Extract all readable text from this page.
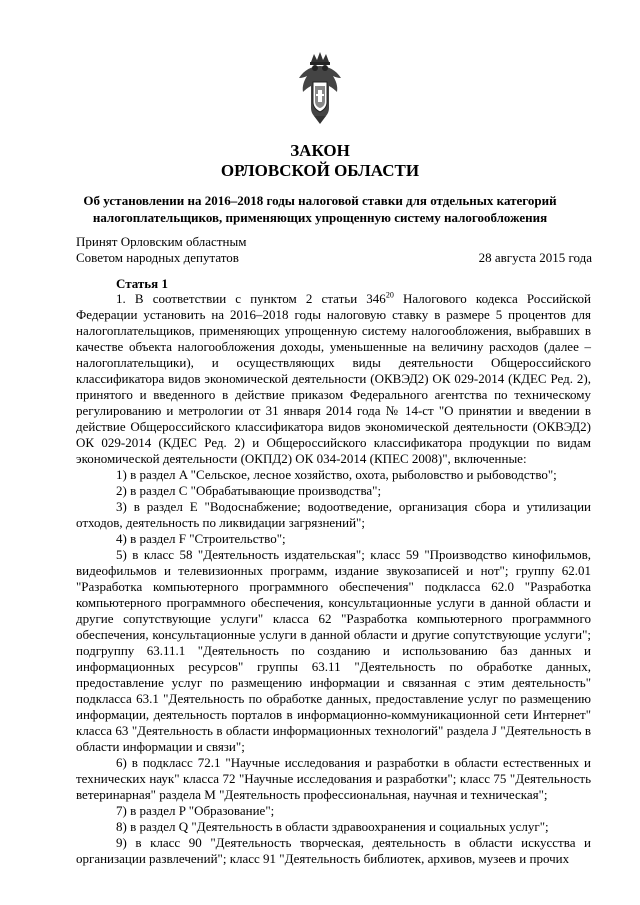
ЗАКОН
ОРЛОВСКОЙ ОБЛАСТИ
Об установлении на 2016–2018 годы налоговой ставки для отдельных категорий
налогоплательщиков, применяющих упрощенную систему налогообложения
Принят Орловским областным
Советом народных депутатов	28 августа 2015 года
Статья 1

1. В соответствии с пунктом 2 статьи $346^{20}$ Налогового кодекса Российской Федерации установить на 2016–2018 годы налоговую ставку в размере 5 процентов для налогоплательщиков, применяющих упрощенную систему налогообложения, выбравших в качестве объекта налогообложения доходы, уменьшенные на величину расходов (далее – налогоплательщики), и осуществляющих виды деятельности Общероссийского классификатора видов экономической деятельности (ОКВЭД2) ОК 029-2014 (КДЕС Ред. 2), принятого и введенного в действие приказом Федерального агентства по техническому регулированию и метрологии от 31 января 2014 года № 14-ст "О принятии и введении в действие Общероссийского классификатора видов экономической деятельности (ОКВЭД2) ОК 029-2014 (КДЕС Ред. 2) и Общероссийского классификатора продукции по видам экономической деятельности (ОКПД2) ОК 034-2014 (КПЕС 2008)", включенные:

1) в раздел A "Сельское, лесное хозяйство, охота, рыболовство и рыбоводство";

2) в раздел C "Обрабатывающие производства";

3) в раздел E "Водоснабжение; водоотведение, организация сбора и утилизации отходов, деятельность по ликвидации загрязнений";

4) в раздел F "Строительство";

5) в класс 58 "Деятельность издательская"; класс 59 "Производство кинофильмов, видеофильмов и телевизионных программ, издание звукозаписей и нот"; группу 62.01 "Разработка компьютерного программного обеспечения" подкласса 62.0 "Разработка компьютерного программного обеспечения, консультационные услуги в данной области и другие сопутствующие услуги" класса 62 "Разработка компьютерного программного обеспечения, консультационные услуги в данной области и другие сопутствующие услуги"; подгруппу 63.11.1 "Деятельность по созданию и использованию баз данных и информационных ресурсов" группы 63.11 "Деятельность по обработке данных, предоставление услуг по размещению информации и связанная с этим деятельность" подкласса 63.1 "Деятельность по обработке данных, предоставление услуг по размещению информации, деятельность порталов в информационно-коммуникационной сети Интернет" класса 63 "Деятельность в области информационных технологий" раздела J "Деятельность в области информации и связи";

6) в подкласс 72.1 "Научные исследования и разработки в области естественных и технических наук" класса 72 "Научные исследования и разработки"; класс 75 "Деятельность ветеринарная" раздела M "Деятельность профессиональная, научная и техническая";

7) в раздел P "Образование";

8) в раздел Q "Деятельность в области здравоохранения и социальных услуг";

9) в класс 90 "Деятельность творческая, деятельность в области искусства и организации развлечений"; класс 91 "Деятельность библиотек, архивов, музеев и прочих
